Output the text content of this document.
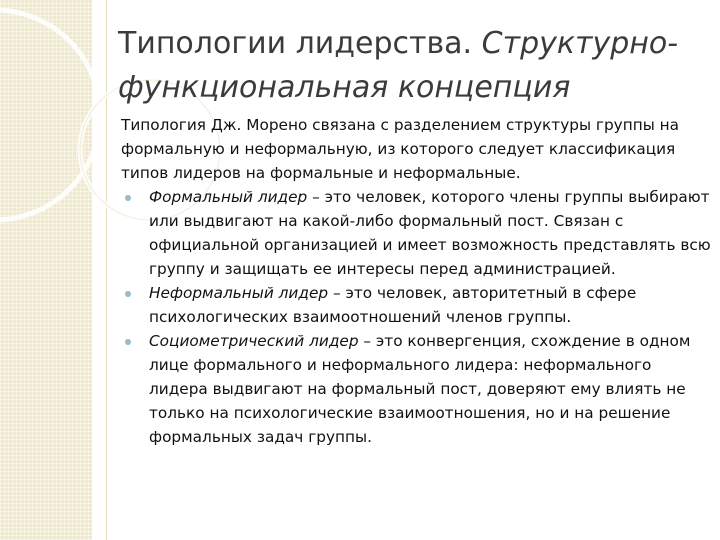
Типологии лидерства. Структурно-
функциональная концепция

Типология Дж. Морено связана с разделением структуры группы на формальную и неформальную, из которого следует классификация типов лидеров на формальные и неформальные.

Формальный лидер – это человек, которого члены группы выбирают или выдвигают на какой-либо формальный пост. Связан с официальной организацией и имеет возможность представлять всю группу и защищать ее интересы перед администрацией.
Неформальный лидер – это человек, авторитетный в сфере психологических взаимоотношений членов группы.
Социометрический лидер – это конвергенция, схождение в одном лице формального и неформального лидера: неформального лидера выдвигают на формальный пост, доверяют ему влиять не только на психологические взаимоотношения, но и на решение формальных задач группы.
